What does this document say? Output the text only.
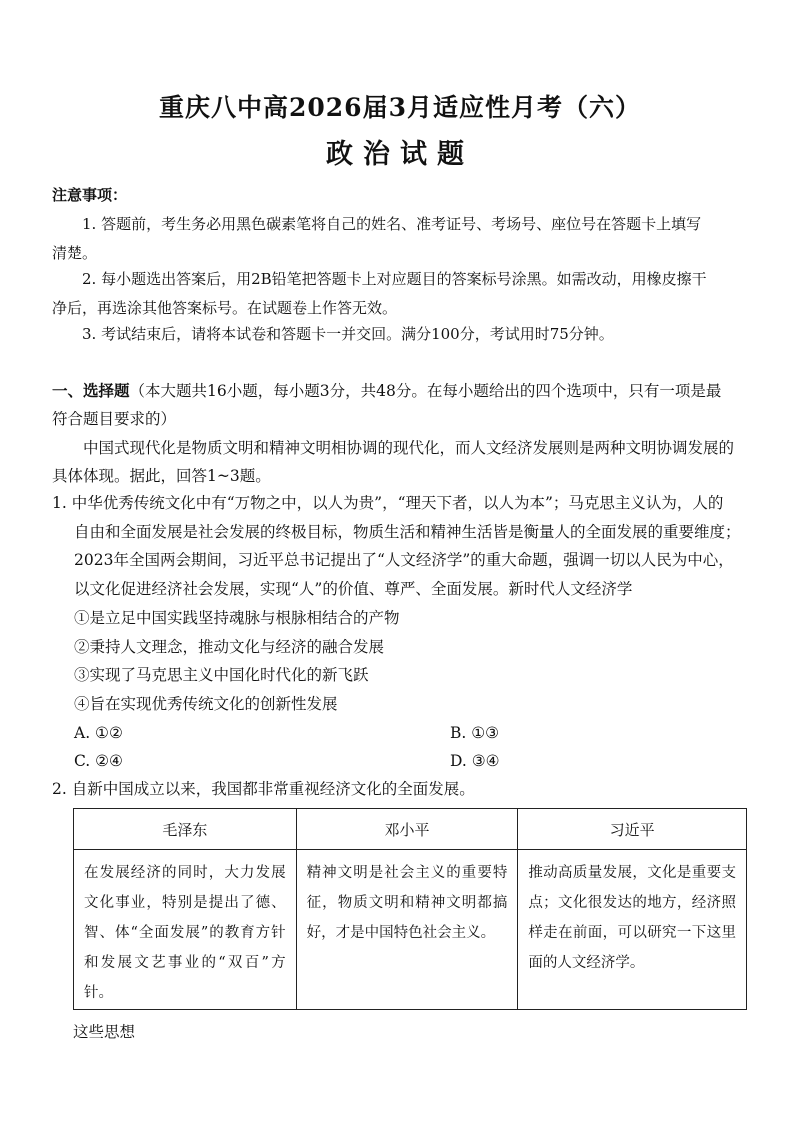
重庆八中高2026届3月适应性月考（六）
政治试题
注意事项：

1. 答题前，考生务必用黑色碳素笔将自己的姓名、准考证号、考场号、座位号在答题卡上填写

清楚。

2. 每小题选出答案后，用2B铅笔把答题卡上对应题目的答案标号涂黑。如需改动，用橡皮擦干

净后，再选涂其他答案标号。在试题卷上作答无效。

3. 考试结束后，请将本试卷和答题卡一并交回。满分100分，考试用时75分钟。

一、选择题（本大题共16小题，每小题3分，共48分。在每小题给出的四个选项中，只有一项是最
符合题目要求的）

中国式现代化是物质文明和精神文明相协调的现代化，而人文经济发展则是两种文明协调发展的

具体体现。据此，回答1~3题。

1. 中华优秀传统文化中有“万物之中，以人为贵”，“理天下者，以人为本”；马克思主义认为，人的
自由和全面发展是社会发展的终极目标，物质生活和精神生活皆是衡量人的全面发展的重要维度；
2023年全国两会期间，习近平总书记提出了“人文经济学”的重大命题，强调一切以人民为中心，
以文化促进经济社会发展，实现“人”的价值、尊严、全面发展。新时代人文经济学
①是立足中国实践坚持魂脉与根脉相结合的产物
②秉持人文理念，推动文化与经济的融合发展
③实现了马克思主义中国化时代化的新飞跃
④旨在实现优秀传统文化的创新性发展
A. ①②	B. ①③
C. ②④	D. ③④
2. 自新中国成立以来，我国都非常重视经济文化的全面发展。
毛泽东	邓小平	习近平
在发展经济的同时，大力发展文化事业，特别是提出了德、智、体“全面发展”的教育方针和发展文艺事业的“双百”方针。	精神文明是社会主义的重要特征，物质文明和精神文明都搞好，才是中国特色社会主义。	推动高质量发展，文化是重要支点；文化很发达的地方，经济照样走在前面，可以研究一下这里面的人文经济学。
这些思想
